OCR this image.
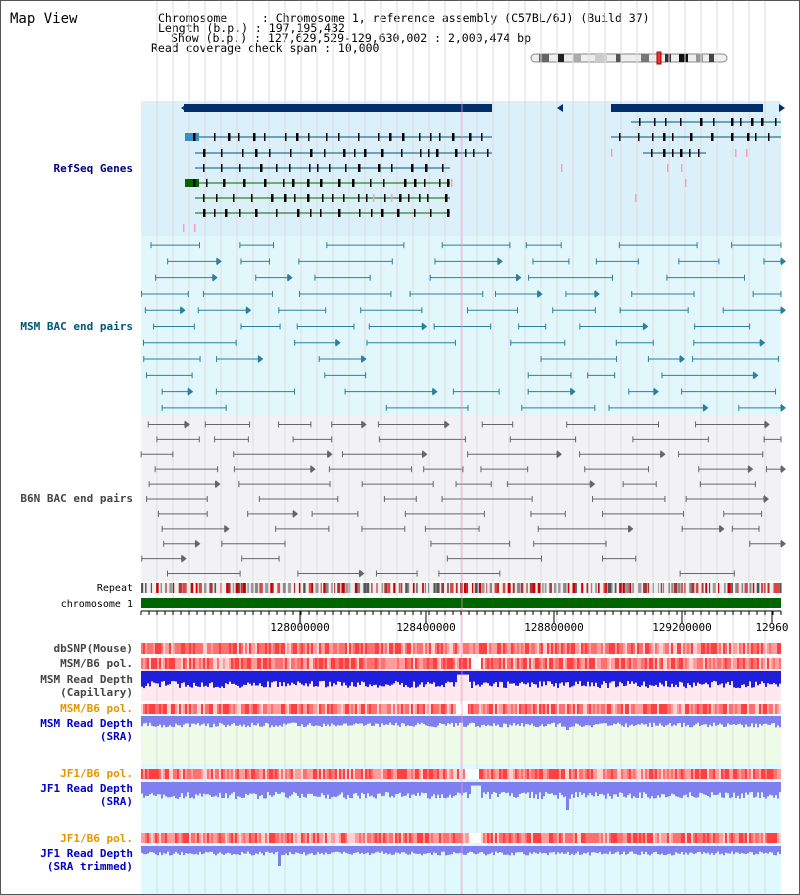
Map View	Chromosome     : Chromosome 1, reference assembly (C57BL/6J) (Build 37)
Length (b.p.) : 197,195,432
Show (b.p.) : 127,629,529-129,630,002 : 2,000,474 bp
Read coverage check span : 10,000
128000000	128400000	128800000	129200000	12960
RefSeq Genes
MSM BAC end pairs
B6N BAC end pairs
Repeat
chromosome 1
dbSNP(Mouse)
MSM/B6 pol.
MSM Read Depth
(Capillary)
MSM/B6 pol.
MSM Read Depth
(SRA)
JF1/B6 pol.
JF1 Read Depth
(SRA)
JF1/B6 pol.
JF1 Read Depth
(SRA trimmed)
